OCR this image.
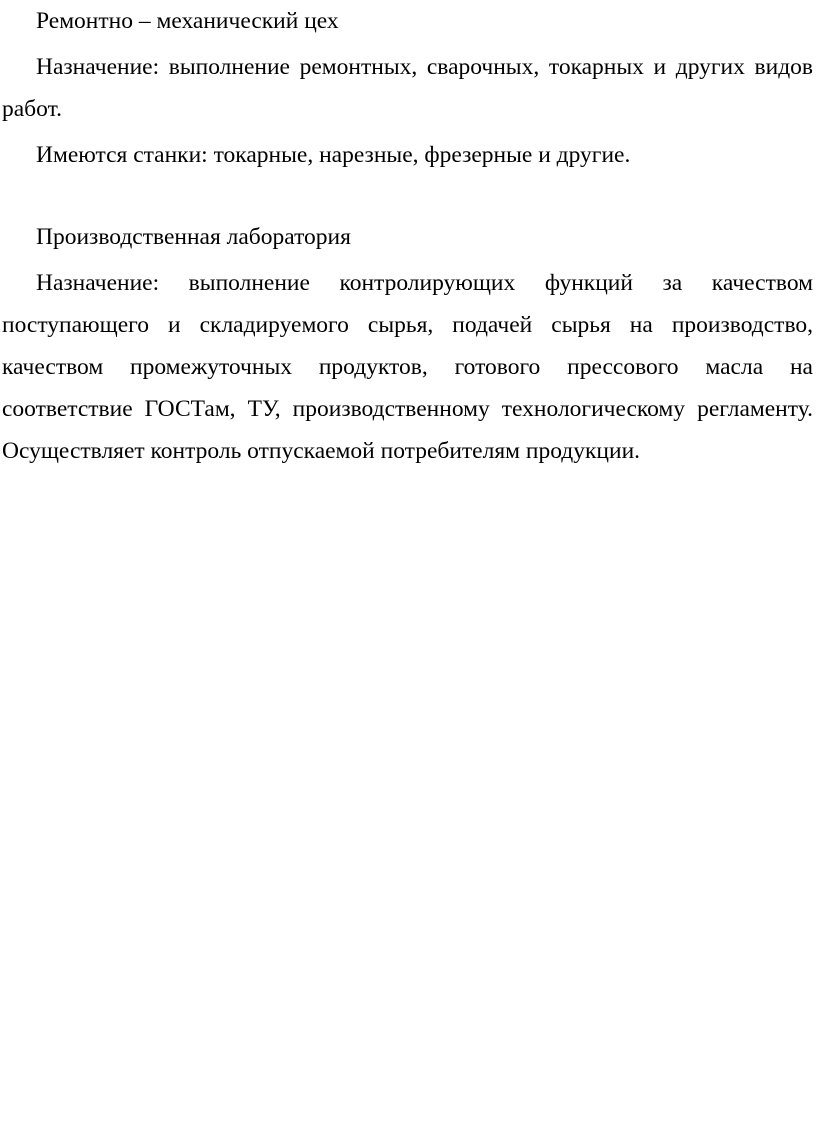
Ремонтно – механический цех

Назначение: выполнение ремонтных, сварочных, токарных и других видов работ.

Имеются станки: токарные, нарезные, фрезерные и другие.

Производственная лаборатория

Назначение: выполнение контролирующих функций за качеством поступающего и складируемого сырья, подачей сырья на производство, качеством промежуточных продуктов, готового прессового масла на соответствие ГОСТам, ТУ, производственному технологическому регламенту. Осуществляет контроль отпускаемой потребителям продукции.
